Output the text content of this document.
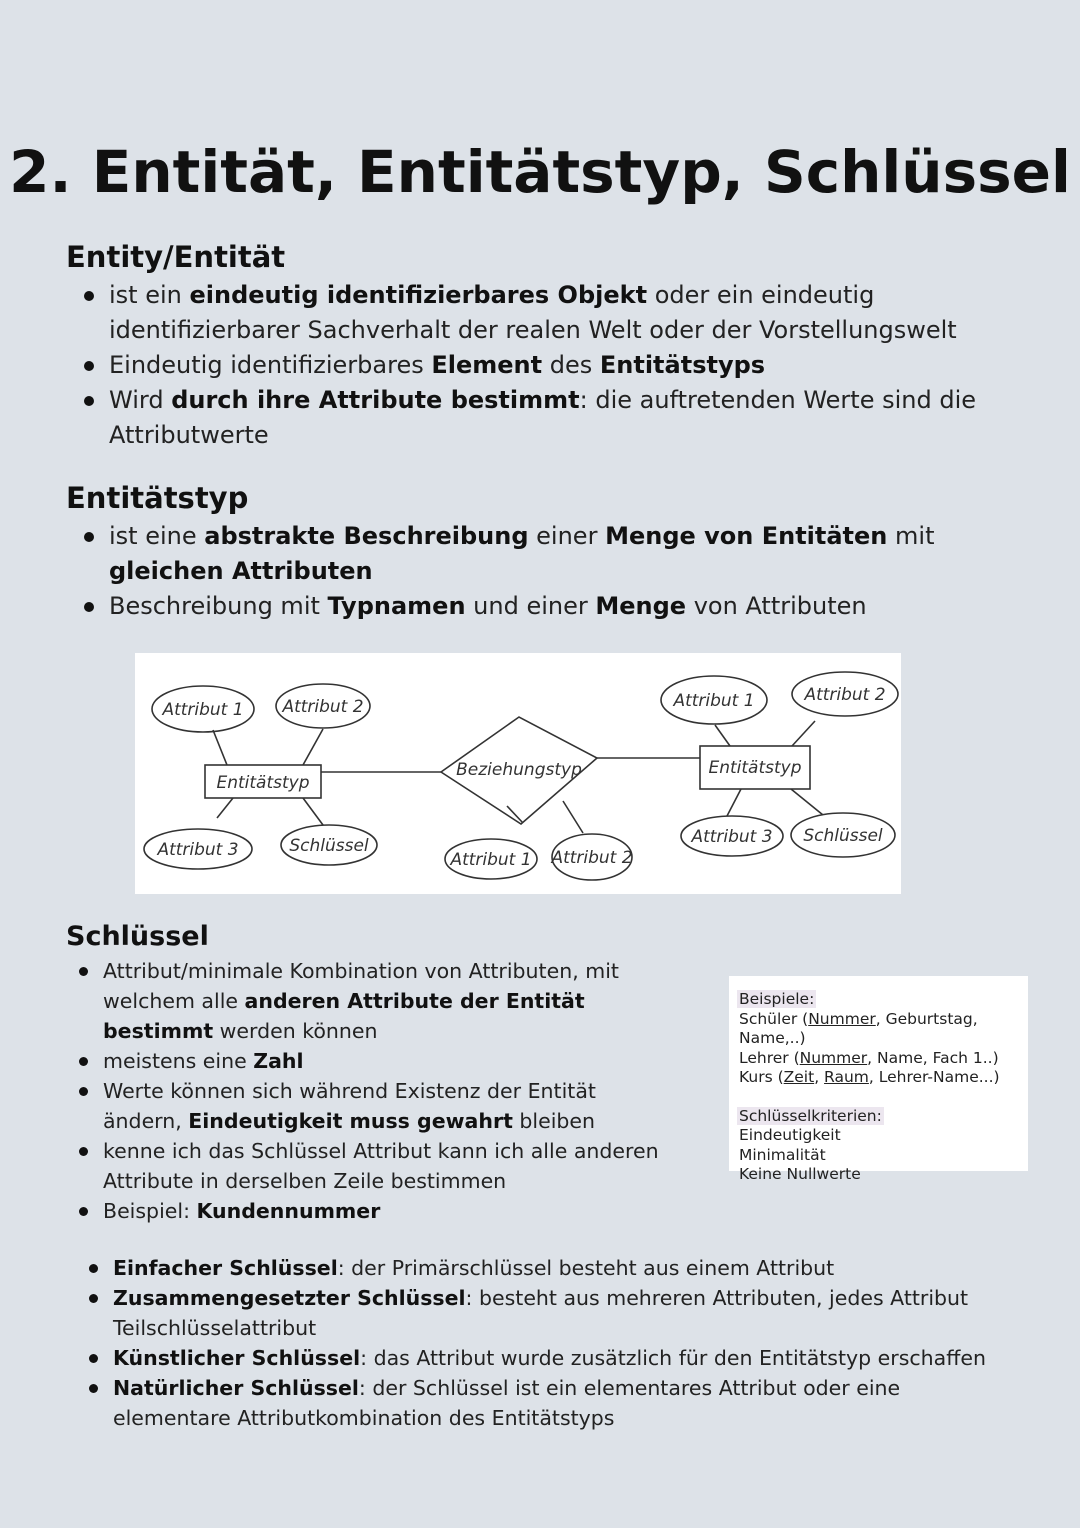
2. Entität, Entitätstyp, Schlüssel
Entity/Entität
ist ein eindeutig identifizierbares Objekt oder ein eindeutig identifizierbarer Sachverhalt der realen Welt oder der Vorstellungswelt
Eindeutig identifizierbares Element des Entitätstyps
Wird durch ihre Attribute bestimmt: die auftretenden Werte sind die Attributwerte
Entitätstyp
ist eine abstrakte Beschreibung einer Menge von Entitäten mit
gleichen Attributen
Beschreibung mit Typnamen und einer Menge von Attributen
Attribut 1 Attribut 2
Entitätstyp
Attribut 3	Schlüssel
Beziehungstyp
Attribut 1 Attribut 2
Attribut 1	Attribut 2
Entitätstyp
Attribut 3 Schlüssel
Schlüssel
Attribut/minimale Kombination von Attributen, mit welchem alle anderen Attribute der Entität bestimmt werden können
meistens eine Zahl
Werte können sich während Existenz der Entität ändern, Eindeutigkeit muss gewahrt bleiben
kenne ich das Schlüssel Attribut kann ich alle anderen Attribute in derselben Zeile bestimmen
Beispiel: Kundennummer
Beispiele:
Schüler (Nummer, Geburtstag, Name,..)
Lehrer (Nummer, Name, Fach 1..)
Kurs (Zeit, Raum, Lehrer-Name...)
Schlüsselkriterien:
Eindeutigkeit
Minimalität
Keine Nullwerte
Einfacher Schlüssel: der Primärschlüssel besteht aus einem Attribut
Zusammengesetzter Schlüssel: besteht aus mehreren Attributen, jedes Attribut Teilschlüsselattribut
Künstlicher Schlüssel: das Attribut wurde zusätzlich für den Entitätstyp erschaffen
Natürlicher Schlüssel: der Schlüssel ist ein elementares Attribut oder eine elementare Attributkombination des Entitätstyps
